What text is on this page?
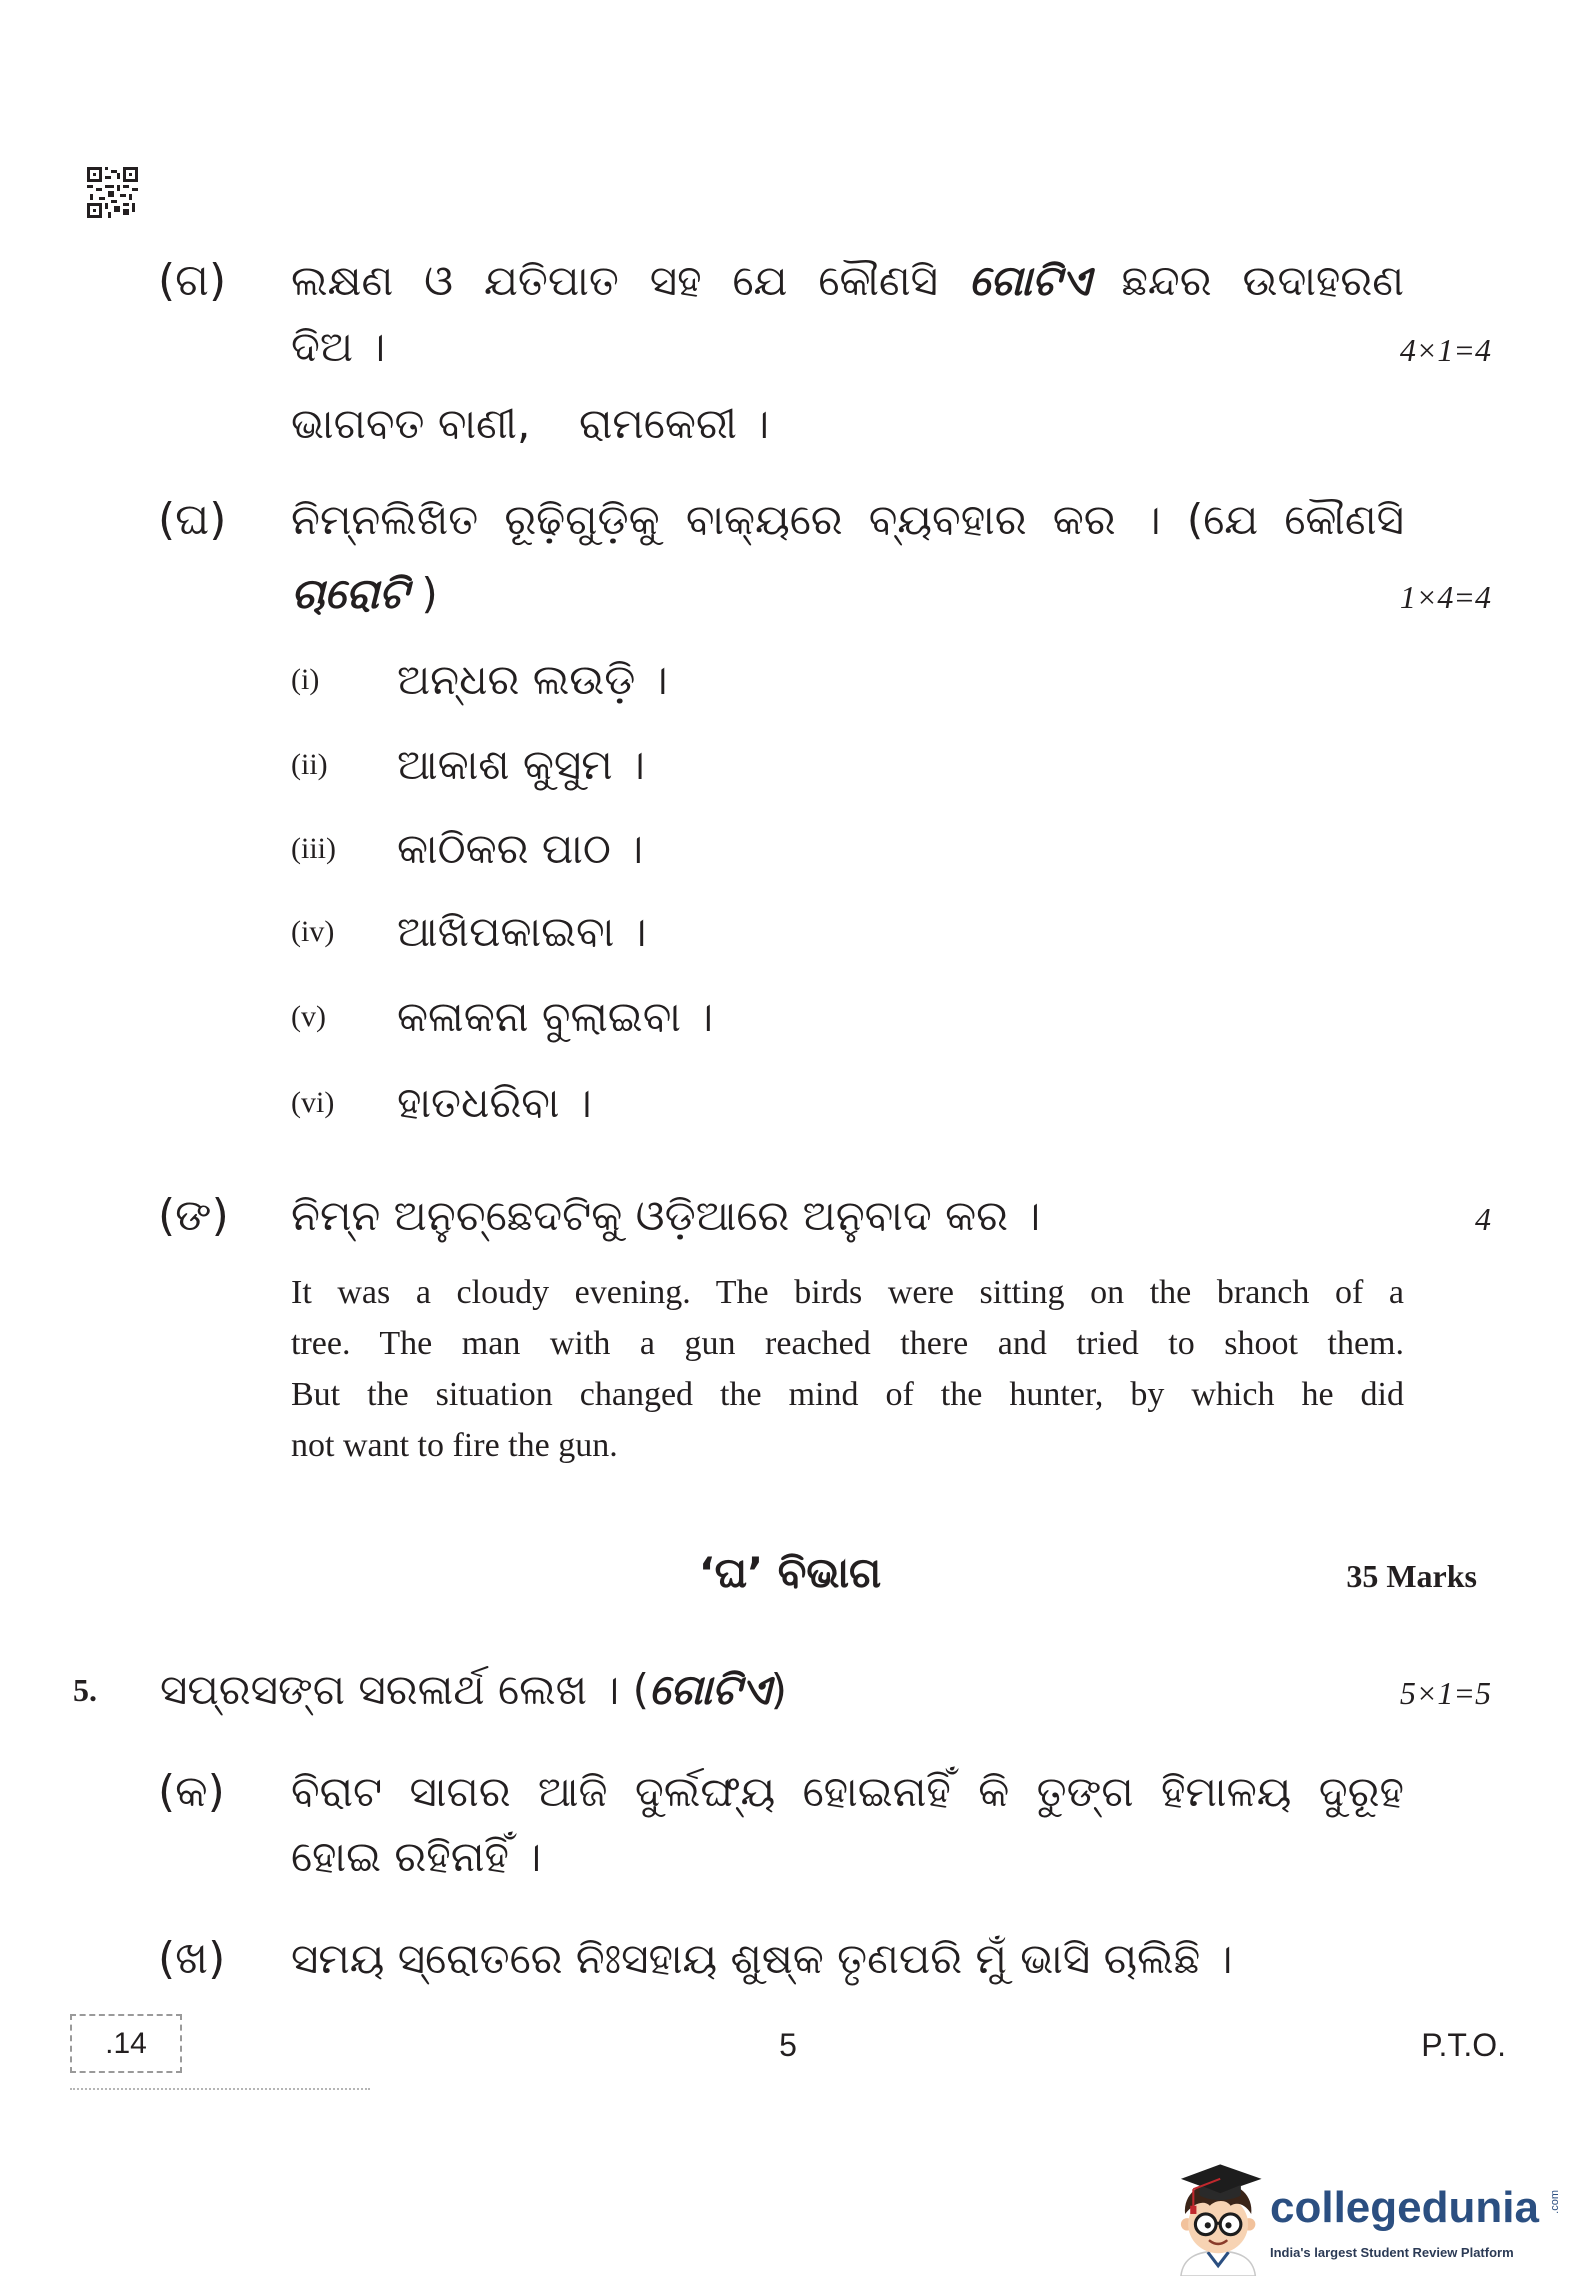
(ଗ) ଲକ୍ଷଣ ଓ ଯତିପାତ ସହ ଯେ କୌଣସି ଗୋଟିଏ ଛନ୍ଦର ଉଦାହରଣ
ଦିଅ ।	4×1=4
ଭାଗବତ ବାଣୀ, ରାମକେରୀ ।
(ଘ) ନିମ୍ନଲିଖିତ ରୂଢ଼ିଗୁଡ଼ିକୁ ବାକ୍ୟରେ ବ୍ୟବହାର କର । (ଯେ କୌଣସି
ଚାରୋଟି )	1×4=4
(i) ଅନ୍ଧର ଲଉଡ଼ି ।
(ii) ଆକାଶ କୁସୁମ ।
(iii) କାଠିକର ପାଠ ।
(iv) ଆଖିପକାଇବା ।
(v) କଳାକନା ବୁଲାଇବା ।
(vi) ହାତଧରିବା ।
(ଙ) ନିମ୍ନ ଅନୁଚ୍ଛେଦଟିକୁ ଓଡ଼ିଆରେ ଅନୁବାଦ କର ।	4
It was a cloudy evening. The birds were sitting on the branch of a
tree. The man with a gun reached there and tried to shoot them.
But the situation changed the mind of the hunter, by which he did
not want to fire the gun.
‘ଘ’ ବିଭାଗ	35 Marks
5. ସପ୍ରସଙ୍ଗ ସରଳାର୍ଥ ଲେଖ । (ଗୋଟିଏ)	5×1=5
(କ) ବିରାଟ ସାଗର ଆଜି ଦୁର୍ଲଙ୍ଘ୍ୟ ହୋଇନାହିଁ କି ତୁଙ୍ଗ ହିମାଳୟ ଦୁରୂହ
ହୋଇ ରହିନାହିଁ ।
(ଖ) ସମୟ ସ୍ରୋତରେ ନିଃସହାୟ ଶୁଷ୍କ ତୃଣପରି ମୁଁ ଭାସି ଚାଲିଛି ।
.14	5	P.T.O.
collegedunia .com
India's largest Student Review Platform
